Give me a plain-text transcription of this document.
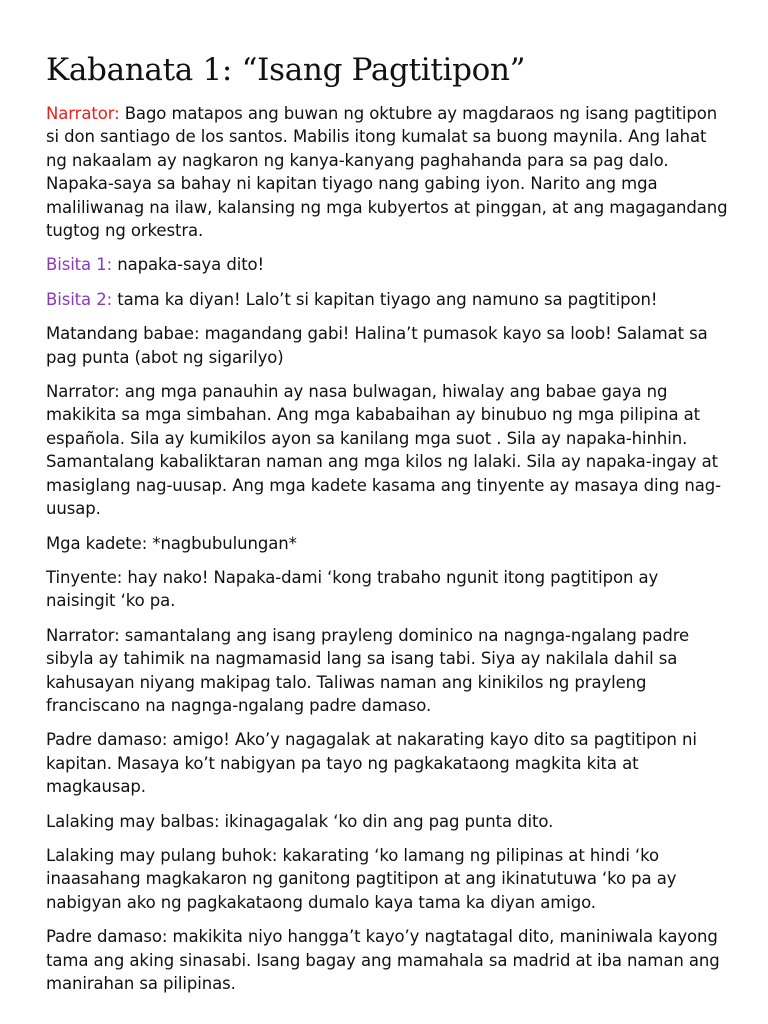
Kabanata 1: “Isang Pagtitipon”

Narrator: Bago matapos ang buwan ng oktubre ay magdaraos ng isang pagtitipon si don santiago de los santos. Mabilis itong kumalat sa buong maynila. Ang lahat ng nakaalam ay nagkaron ng kanya-kanyang paghahanda para sa pag dalo. Napaka-saya sa bahay ni kapitan tiyago nang gabing iyon. Narito ang mga maliliwanag na ilaw, kalansing ng mga kubyertos at pinggan, at ang magagandang tugtog ng orkestra.

Bisita 1: napaka-saya dito!

Bisita 2: tama ka diyan! Lalo’t si kapitan tiyago ang namuno sa pagtitipon!

Matandang babae: magandang gabi! Halina’t pumasok kayo sa loob! Salamat sa pag punta (abot ng sigarilyo)

Narrator: ang mga panauhin ay nasa bulwagan, hiwalay ang babae gaya ng makikita sa mga simbahan. Ang mga kababaihan ay binubuo ng mga pilipina at española. Sila ay kumikilos ayon sa kanilang mga suot . Sila ay napaka-hinhin. Samantalang kabaliktaran naman ang mga kilos ng lalaki. Sila ay napaka-ingay at masiglang nag-uusap. Ang mga kadete kasama ang tinyente ay masaya ding nag-uusap.

Mga kadete: *nagbubulungan*

Tinyente: hay nako! Napaka-dami ‘kong trabaho ngunit itong pagtitipon ay naisingit ‘ko pa.

Narrator: samantalang ang isang prayleng dominico na nagnga-ngalang padre sibyla ay tahimik na nagmamasid lang sa isang tabi. Siya ay nakilala dahil sa kahusayan niyang makipag talo. Taliwas naman ang kinikilos ng prayleng franciscano na nagnga-ngalang padre damaso.

Padre damaso: amigo! Ako’y nagagalak at nakarating kayo dito sa pagtitipon ni kapitan. Masaya ko’t nabigyan pa tayo ng pagkakataong magkita kita at magkausap.

Lalaking may balbas: ikinagagalak ‘ko din ang pag punta dito.

Lalaking may pulang buhok: kakarating ‘ko lamang ng pilipinas at hindi ‘ko inaasahang magkakaron ng ganitong pagtitipon at ang ikinatutuwa ‘ko pa ay nabigyan ako ng pagkakataong dumalo kaya tama ka diyan amigo.

Padre damaso: makikita niyo hangga’t kayo’y nagtatagal dito, maniniwala kayong tama ang aking sinasabi. Isang bagay ang mamahala sa madrid at iba naman ang manirahan sa pilipinas.
